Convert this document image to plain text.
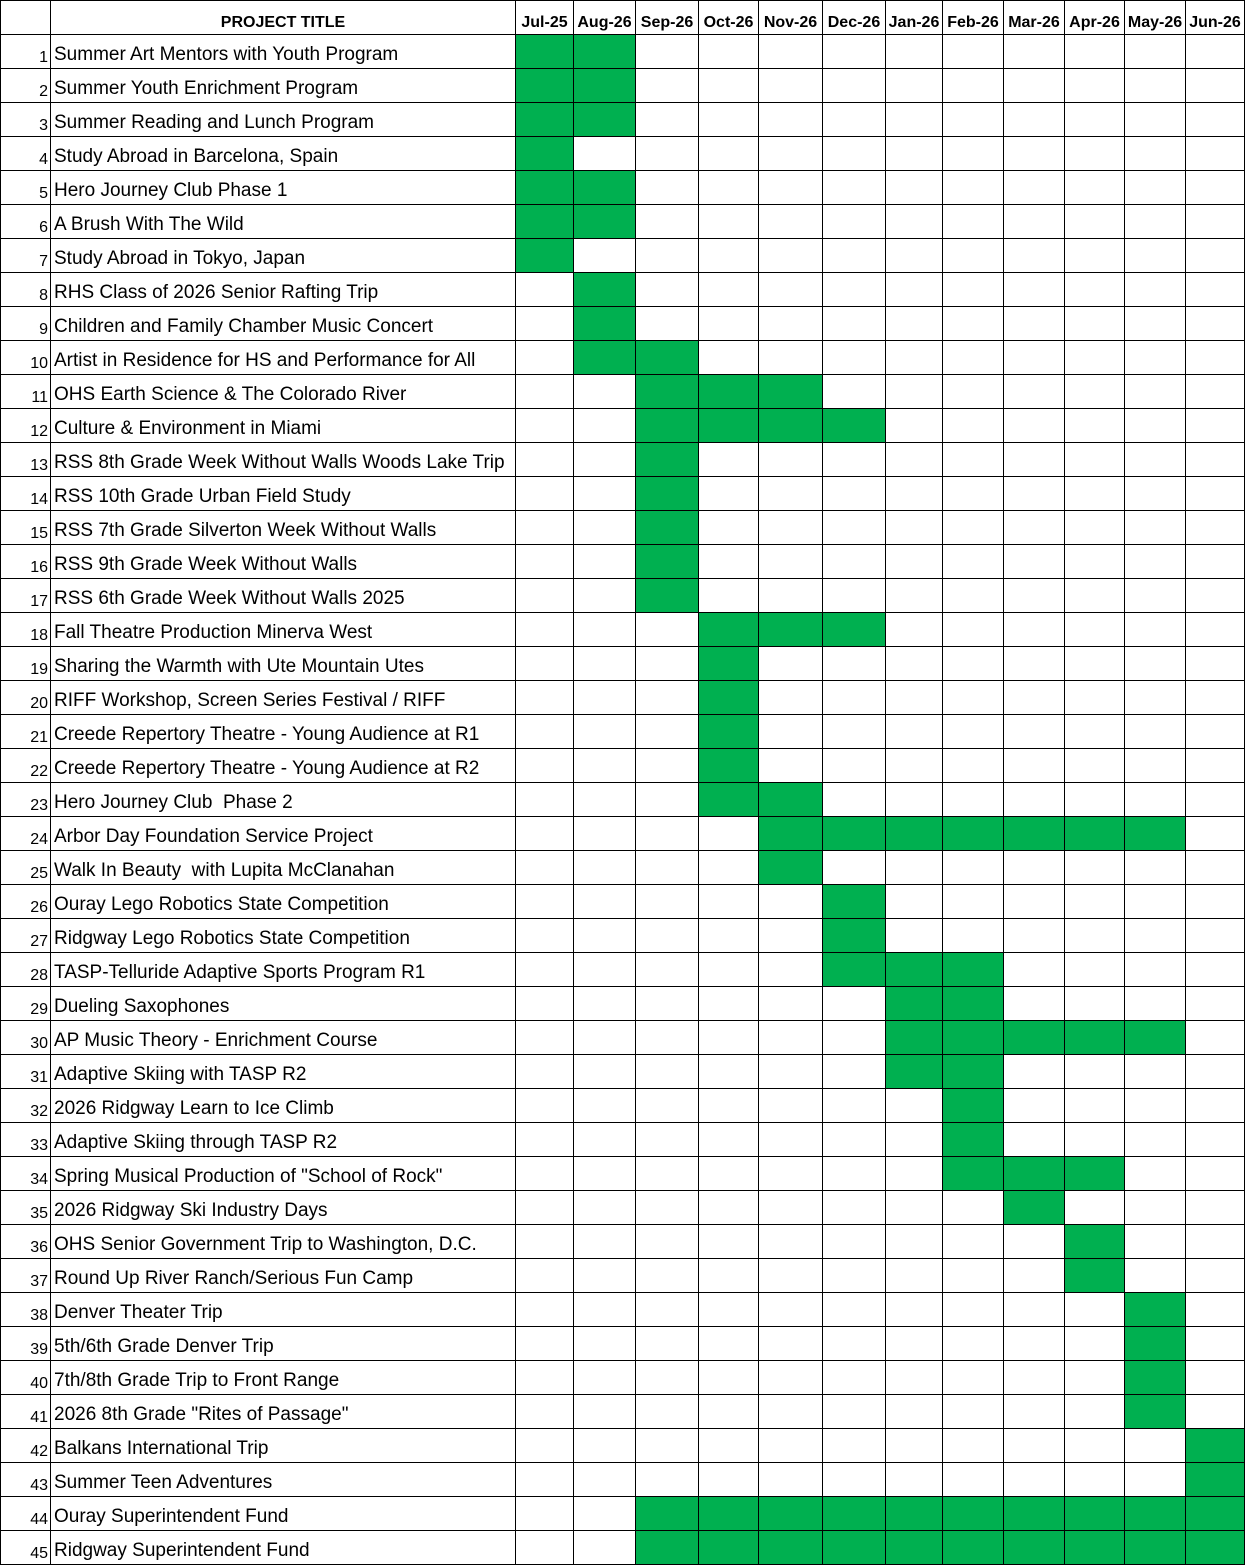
PROJECT TITLE	Jul-25 Aug-26 Sep-26 Oct-26 Nov-26 Dec-26 Jan-26 Feb-26 Mar-26 Apr-26 May-26 Jun-26
1 Summer Art Mentors with Youth Program
2 Summer Youth Enrichment Program
3 Summer Reading and Lunch Program
4 Study Abroad in Barcelona, Spain
5 Hero Journey Club Phase 1
6 A Brush With The Wild
7 Study Abroad in Tokyo, Japan
8 RHS Class of 2026 Senior Rafting Trip
9 Children and Family Chamber Music Concert
10 Artist in Residence for HS and Performance for All
11 OHS Earth Science & The Colorado River
12 Culture & Environment in Miami
13 RSS 8th Grade Week Without Walls Woods Lake Trip
14 RSS 10th Grade Urban Field Study
15 RSS 7th Grade Silverton Week Without Walls
16 RSS 9th Grade Week Without Walls
17 RSS 6th Grade Week Without Walls 2025
18 Fall Theatre Production Minerva West
19 Sharing the Warmth with Ute Mountain Utes
20 RIFF Workshop, Screen Series Festival / RIFF
21 Creede Repertory Theatre - Young Audience at R1
22 Creede Repertory Theatre - Young Audience at R2
23 Hero Journey Club  Phase 2
24 Arbor Day Foundation Service Project
25 Walk In Beauty  with Lupita McClanahan
26 Ouray Lego Robotics State Competition
27 Ridgway Lego Robotics State Competition
28 TASP-Telluride Adaptive Sports Program R1
29 Dueling Saxophones
30 AP Music Theory - Enrichment Course
31 Adaptive Skiing with TASP R2
32 2026 Ridgway Learn to Ice Climb
33 Adaptive Skiing through TASP R2
34 Spring Musical Production of "School of Rock"
35 2026 Ridgway Ski Industry Days
36 OHS Senior Government Trip to Washington, D.C.
37 Round Up River Ranch/Serious Fun Camp
38 Denver Theater Trip
39 5th/6th Grade Denver Trip
40 7th/8th Grade Trip to Front Range
41 2026 8th Grade "Rites of Passage"
42 Balkans International Trip
43 Summer Teen Adventures
44 Ouray Superintendent Fund
45 Ridgway Superintendent Fund
